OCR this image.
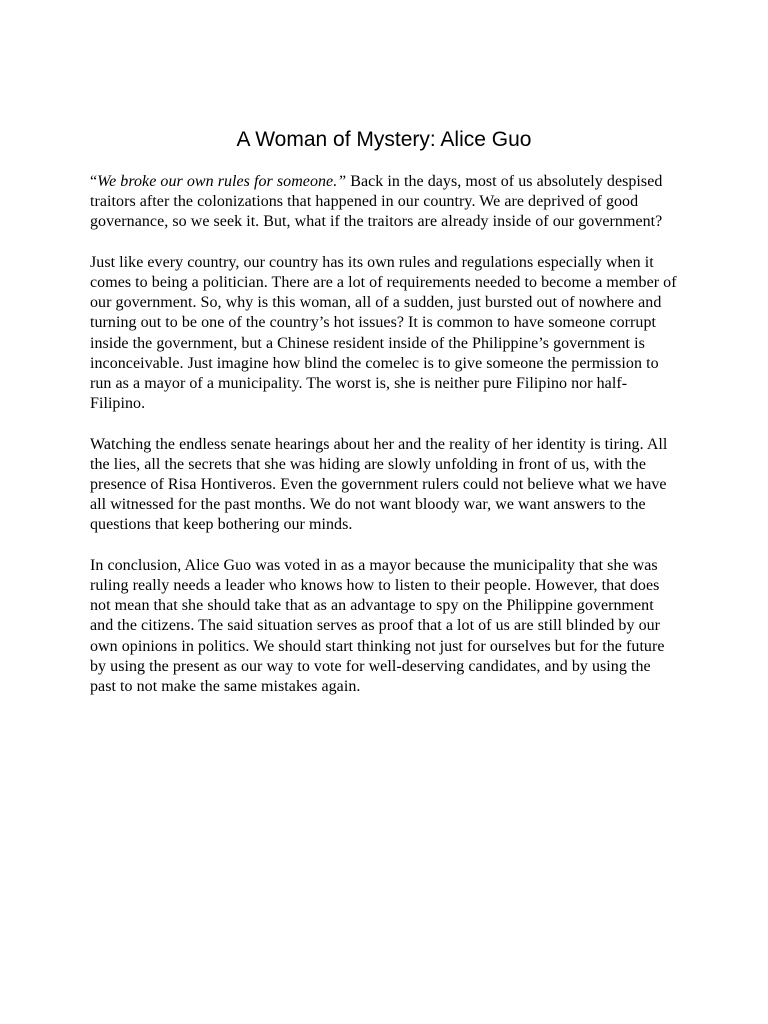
A Woman of Mystery: Alice Guo

“We broke our own rules for someone.” Back in the days, most of us absolutely despised traitors after the colonizations that happened in our country. We are deprived of good governance, so we seek it. But, what if the traitors are already inside of our government?

Just like every country, our country has its own rules and regulations especially when it comes to being a politician. There are a lot of requirements needed to become a member of our government. So, why is this woman, all of a sudden, just bursted out of nowhere and turning out to be one of the country’s hot issues? It is common to have someone corrupt inside the government, but a Chinese resident inside of the Philippine’s government is inconceivable. Just imagine how blind the comelec is to give someone the permission to run as a mayor of a municipality. The worst is, she is neither pure Filipino nor half-Filipino.

Watching the endless senate hearings about her and the reality of her identity is tiring. All the lies, all the secrets that she was hiding are slowly unfolding in front of us, with the presence of Risa Hontiveros. Even the government rulers could not believe what we have all witnessed for the past months. We do not want bloody war, we want answers to the questions that keep bothering our minds.

In conclusion, Alice Guo was voted in as a mayor because the municipality that she was ruling really needs a leader who knows how to listen to their people. However, that does not mean that she should take that as an advantage to spy on the Philippine government and the citizens. The said situation serves as proof that a lot of us are still blinded by our own opinions in politics. We should start thinking not just for ourselves but for the future by using the present as our way to vote for well-deserving candidates, and by using the past to not make the same mistakes again.
